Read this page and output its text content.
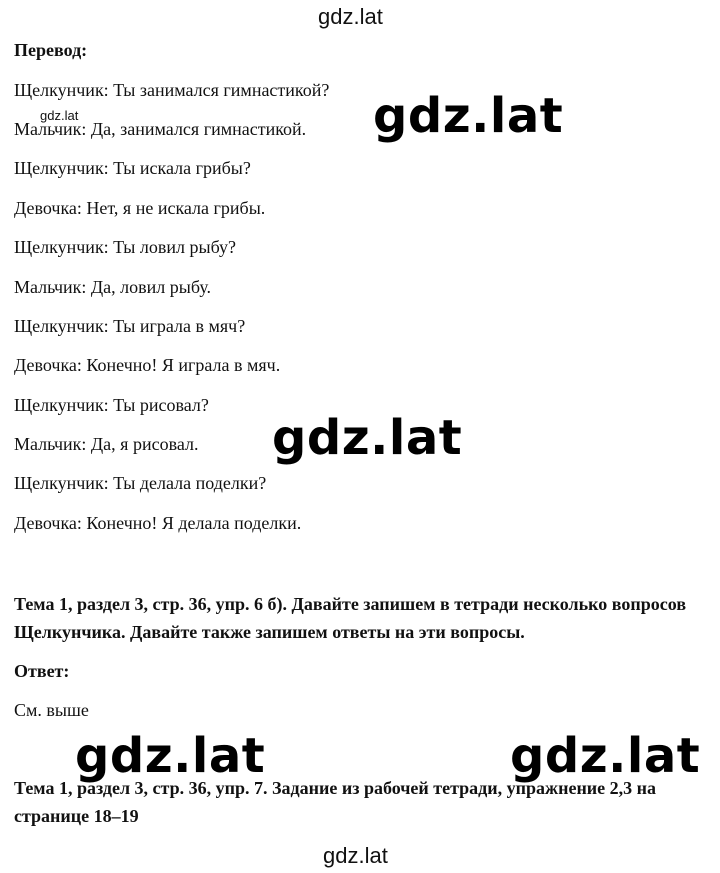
gdz.lat
Перевод:
Щелкунчик: Ты занимался гимнастикой?
gdz.lat
Мальчик: Да, занимался гимнастикой.
Щелкунчик: Ты искала грибы?
Девочка: Нет, я не искала грибы.
Щелкунчик: Ты ловил рыбу?
Мальчик: Да, ловил рыбу.
Щелкунчик: Ты играла в мяч?
Девочка: Конечно! Я играла в мяч.
Щелкунчик: Ты рисовал?
Мальчик: Да, я рисовал.
Щелкунчик: Ты делала поделки?
Девочка: Конечно! Я делала поделки.
gdz.lat
gdz.lat
Тема 1, раздел 3, стр. 36, упр. 6 б). Давайте запишем в тетради несколько вопросов Щелкунчика. Давайте также запишем ответы на эти вопросы.
Ответ:
См. выше
Тема 1, раздел 3, стр. 36, упр. 7. Задание из рабочей тетради, упражнение 2,3 на странице 18–19
gdz.lat	gdz.lat
gdz.lat
